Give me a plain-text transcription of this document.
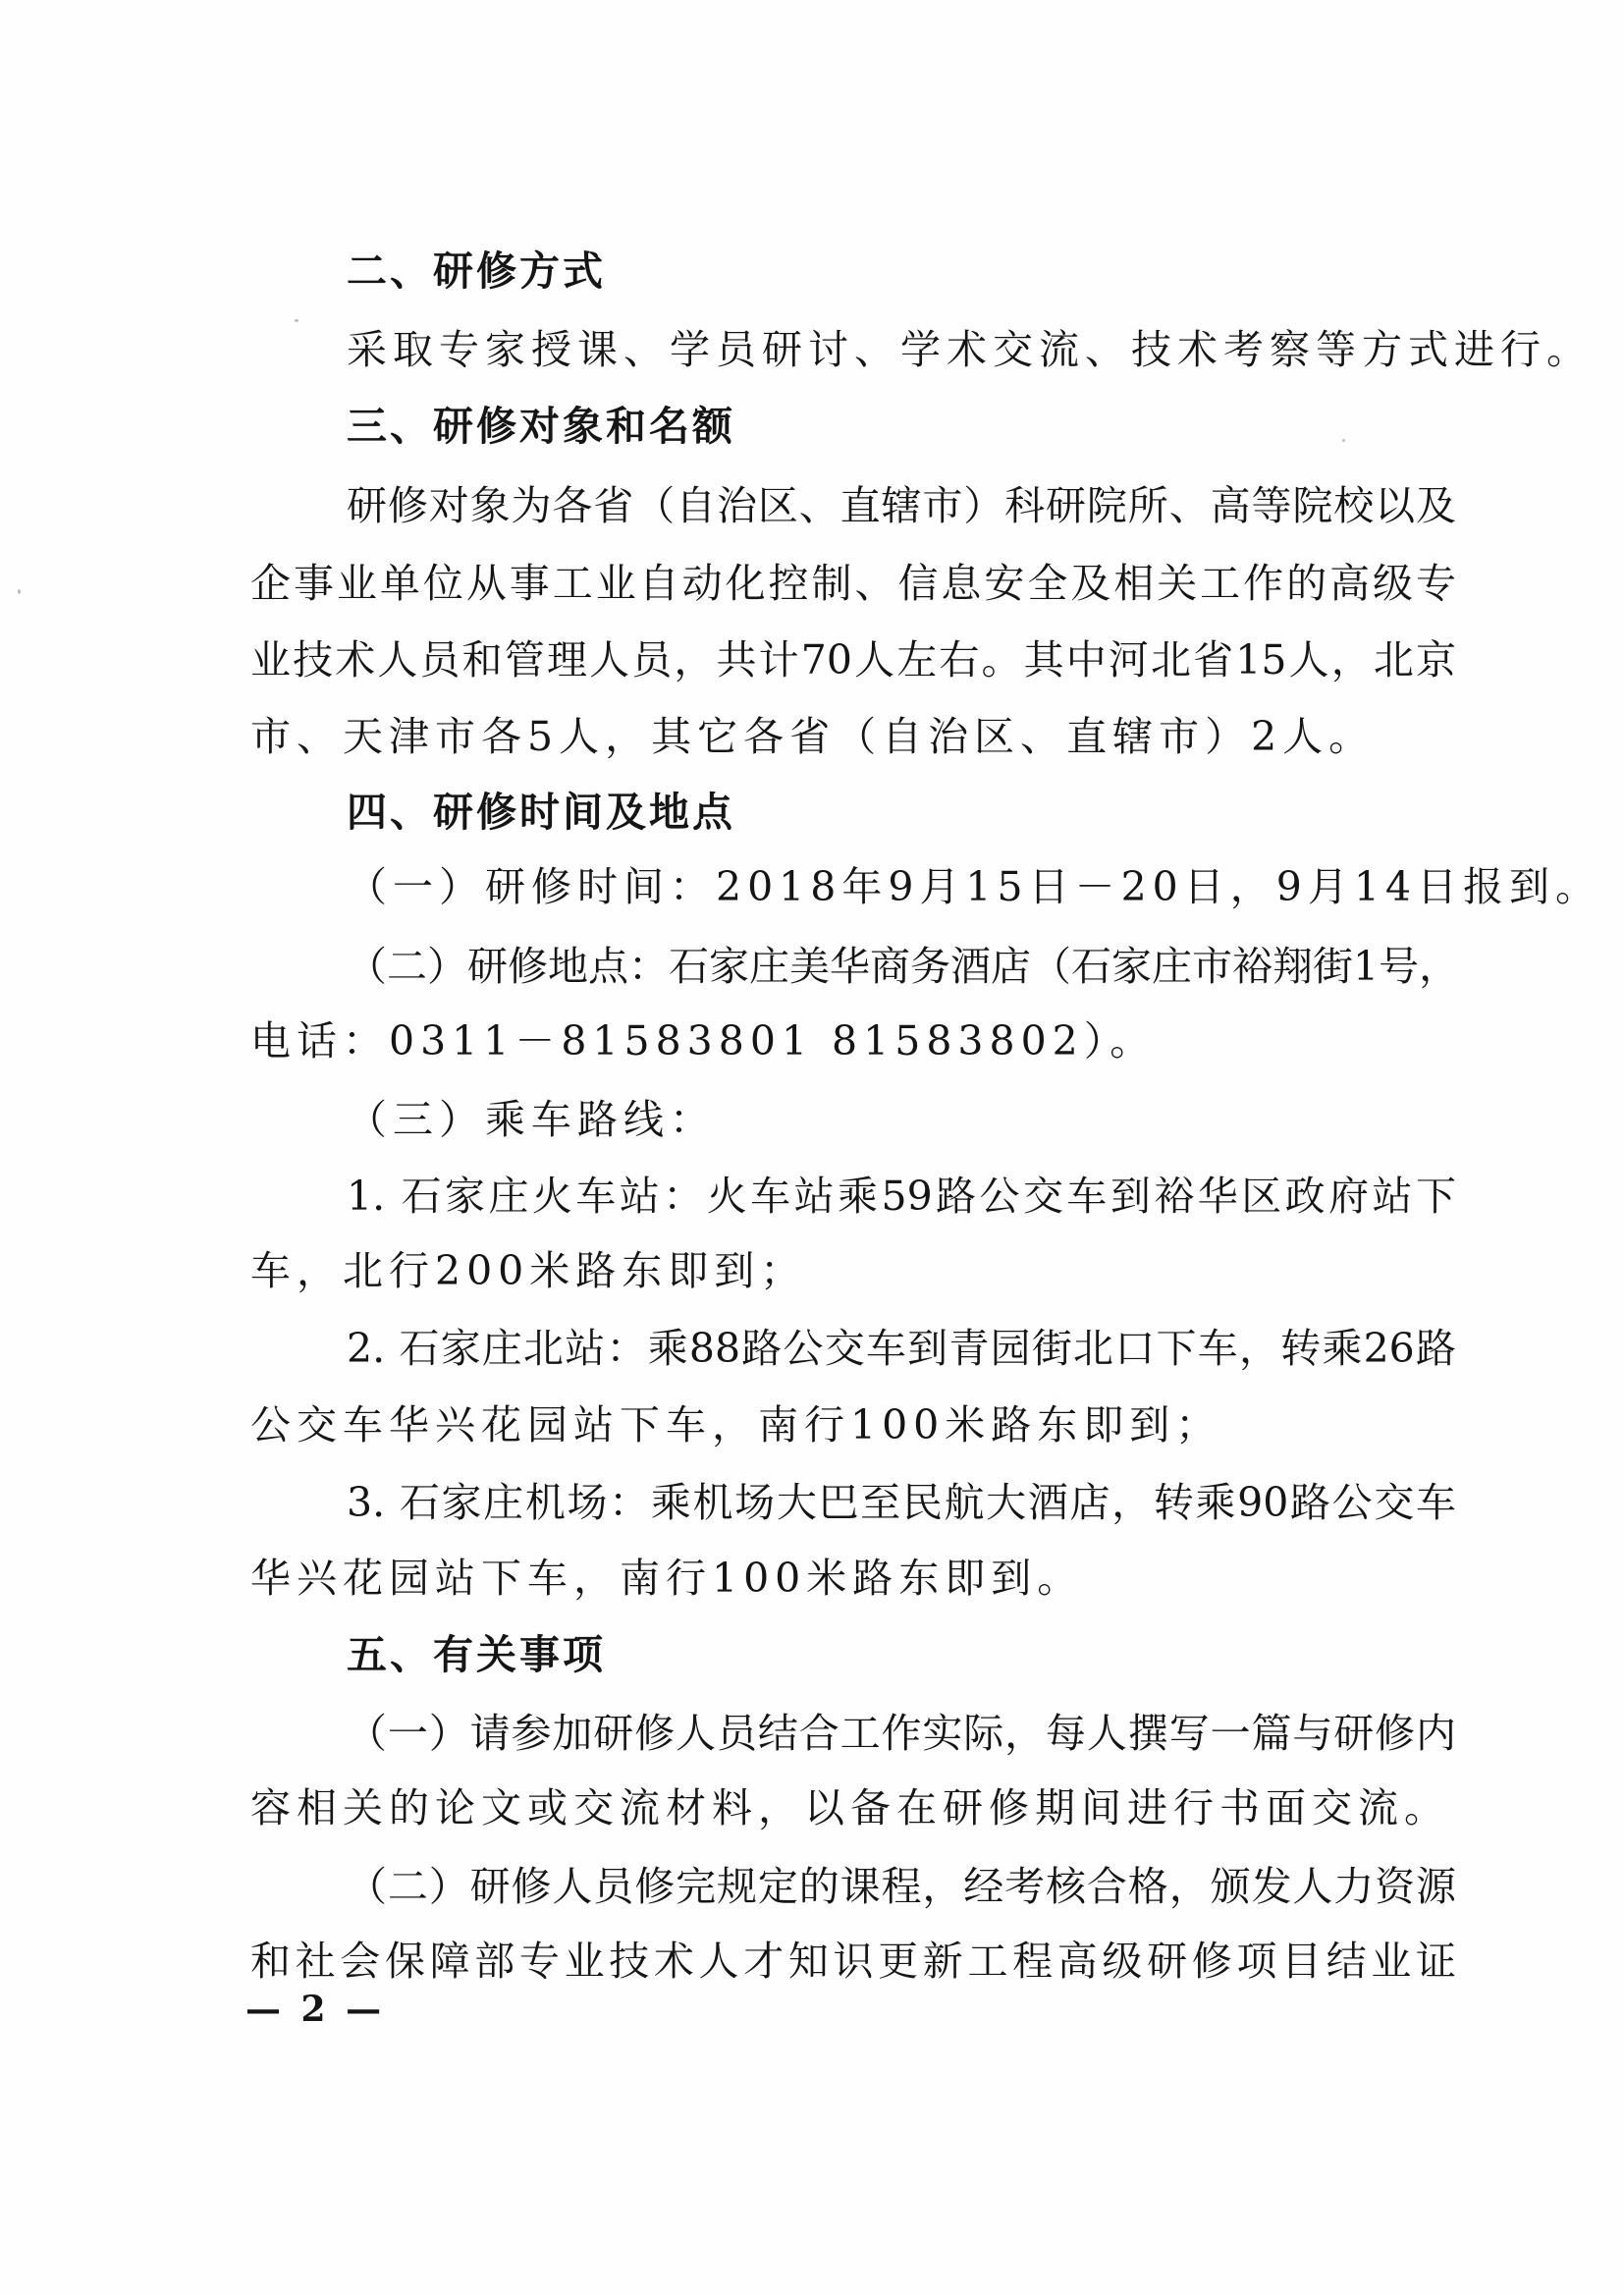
二、研修方式
采取专家授课、学员研讨、学术交流、技术考察等方式进行。
三、研修对象和名额
研修对象为各省（自治区、直辖市）科研院所、高等院校以及
企事业单位从事工业自动化控制、信息安全及相关工作的高级专
业技术人员和管理人员，共计70人左右。其中河北省15人，北京
市、天津市各5人，其它各省（自治区、直辖市）2人。
四、研修时间及地点
（一）研修时间：2018年9月15日－20日，9月14日报到。
（二）研修地点：石家庄美华商务酒店（石家庄市裕翔街1号，
电话：0311－81583801 81583802）。
（三）乘车路线：
1. 石家庄火车站：火车站乘59路公交车到裕华区政府站下
车，北行200米路东即到；
2. 石家庄北站：乘88路公交车到青园街北口下车，转乘26路
公交车华兴花园站下车，南行100米路东即到；
3. 石家庄机场：乘机场大巴至民航大酒店，转乘90路公交车
华兴花园站下车，南行100米路东即到。
五、有关事项
（一）请参加研修人员结合工作实际，每人撰写一篇与研修内
容相关的论文或交流材料，以备在研修期间进行书面交流。
（二）研修人员修完规定的课程，经考核合格，颁发人力资源
和社会保障部专业技术人才知识更新工程高级研修项目结业证
— 2 —
